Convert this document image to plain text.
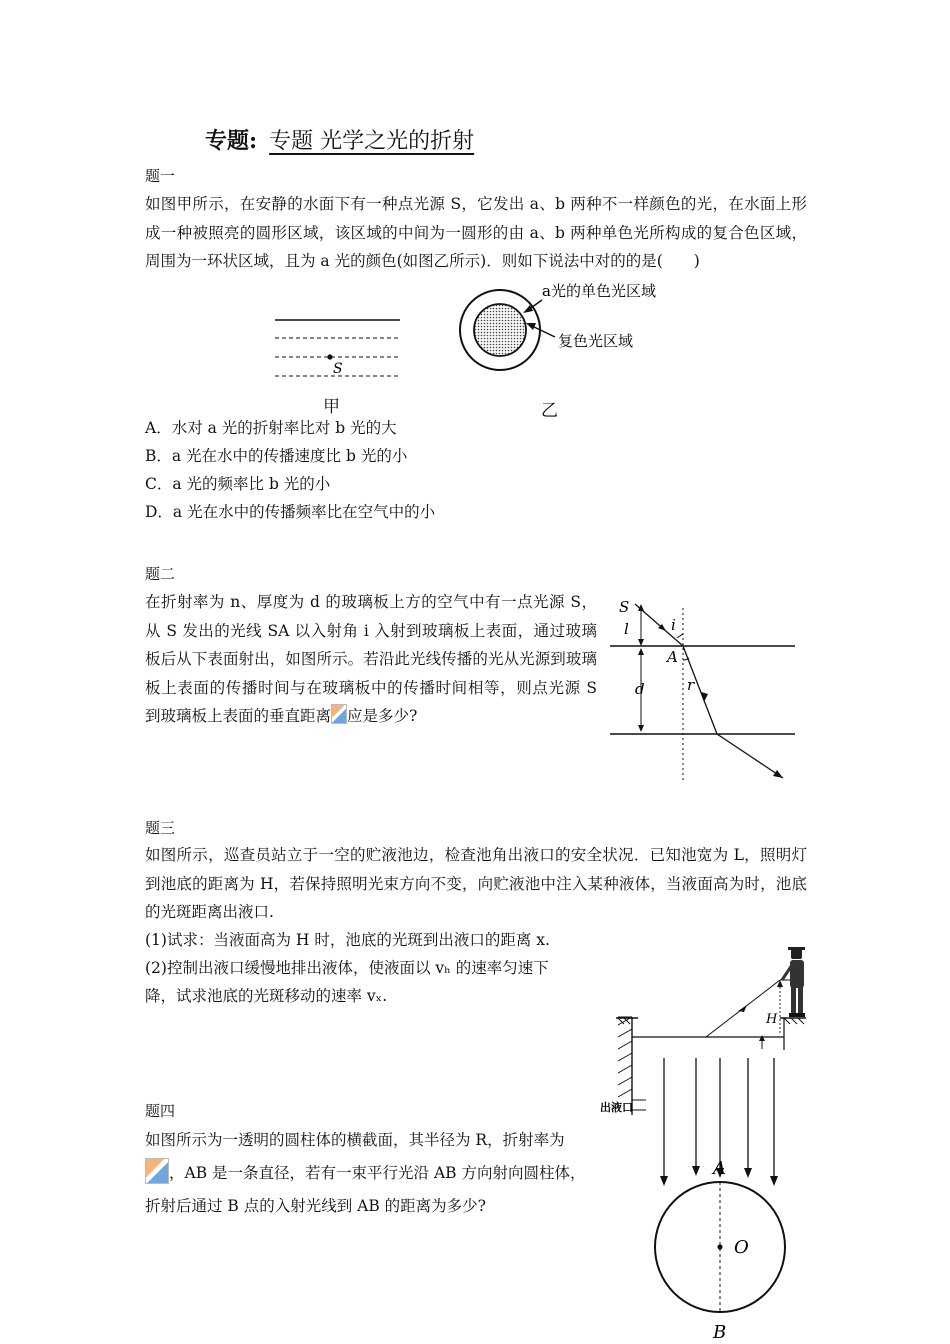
专题: 专题 光学之光的折射
题一
如图甲所示，在安静的水面下有一种点光源 S，它发出 a、b 两种不一样颜色的光，在水面上形成一种被照亮的圆形区域，该区域的中间为一圆形的由 a、b 两种单色光所构成的复合色区域，周围为一环状区域，且为 a 光的颜色(如图乙所示)．则如下说法中对的的是(　　)
S
甲
a光的单色光区域
复色光区域
乙
A．水对 a 光的折射率比对 b 光的大
B．a 光在水中的传播速度比 b 光的小
C．a 光的频率比 b 光的小
D．a 光在水中的传播频率比在空气中的小
题二
在折射率为 n、厚度为 d 的玻璃板上方的空气中有一点光源 S，从 S 发出的光线 SA 以入射角 i 入射到玻璃板上表面，通过玻璃板后从下表面射出，如图所示。若沿此光线传播的光从光源到玻璃板上表面的传播时间与在玻璃板中的传播时间相等，则点光源 S 到玻璃板上表面的垂直距离 应是多少?
S
l	i
A
r
d
题三
如图所示，巡查员站立于一空的贮液池边，检查池角出液口的安全状况．已知池宽为 L，照明灯到池底的距离为 H，若保持照明光束方向不变，向贮液池中注入某种液体，当液面高为时，池底的光斑距离出液口.
(1)试求：当液面高为 H 时，池底的光斑到出液口的距离 x.
(2)控制出液口缓慢地排出液体，使液面以 vₕ 的速率匀速下
降，试求池底的光斑移动的速率 vₓ.
H
出液口
题四
如图所示为一透明的圆柱体的横截面，其半径为 R，折射率为
，AB 是一条直径，若有一束平行光沿 AB 方向射向圆柱体，
折射后通过 B 点的入射光线到 AB 的距离为多少?
A
O
B
